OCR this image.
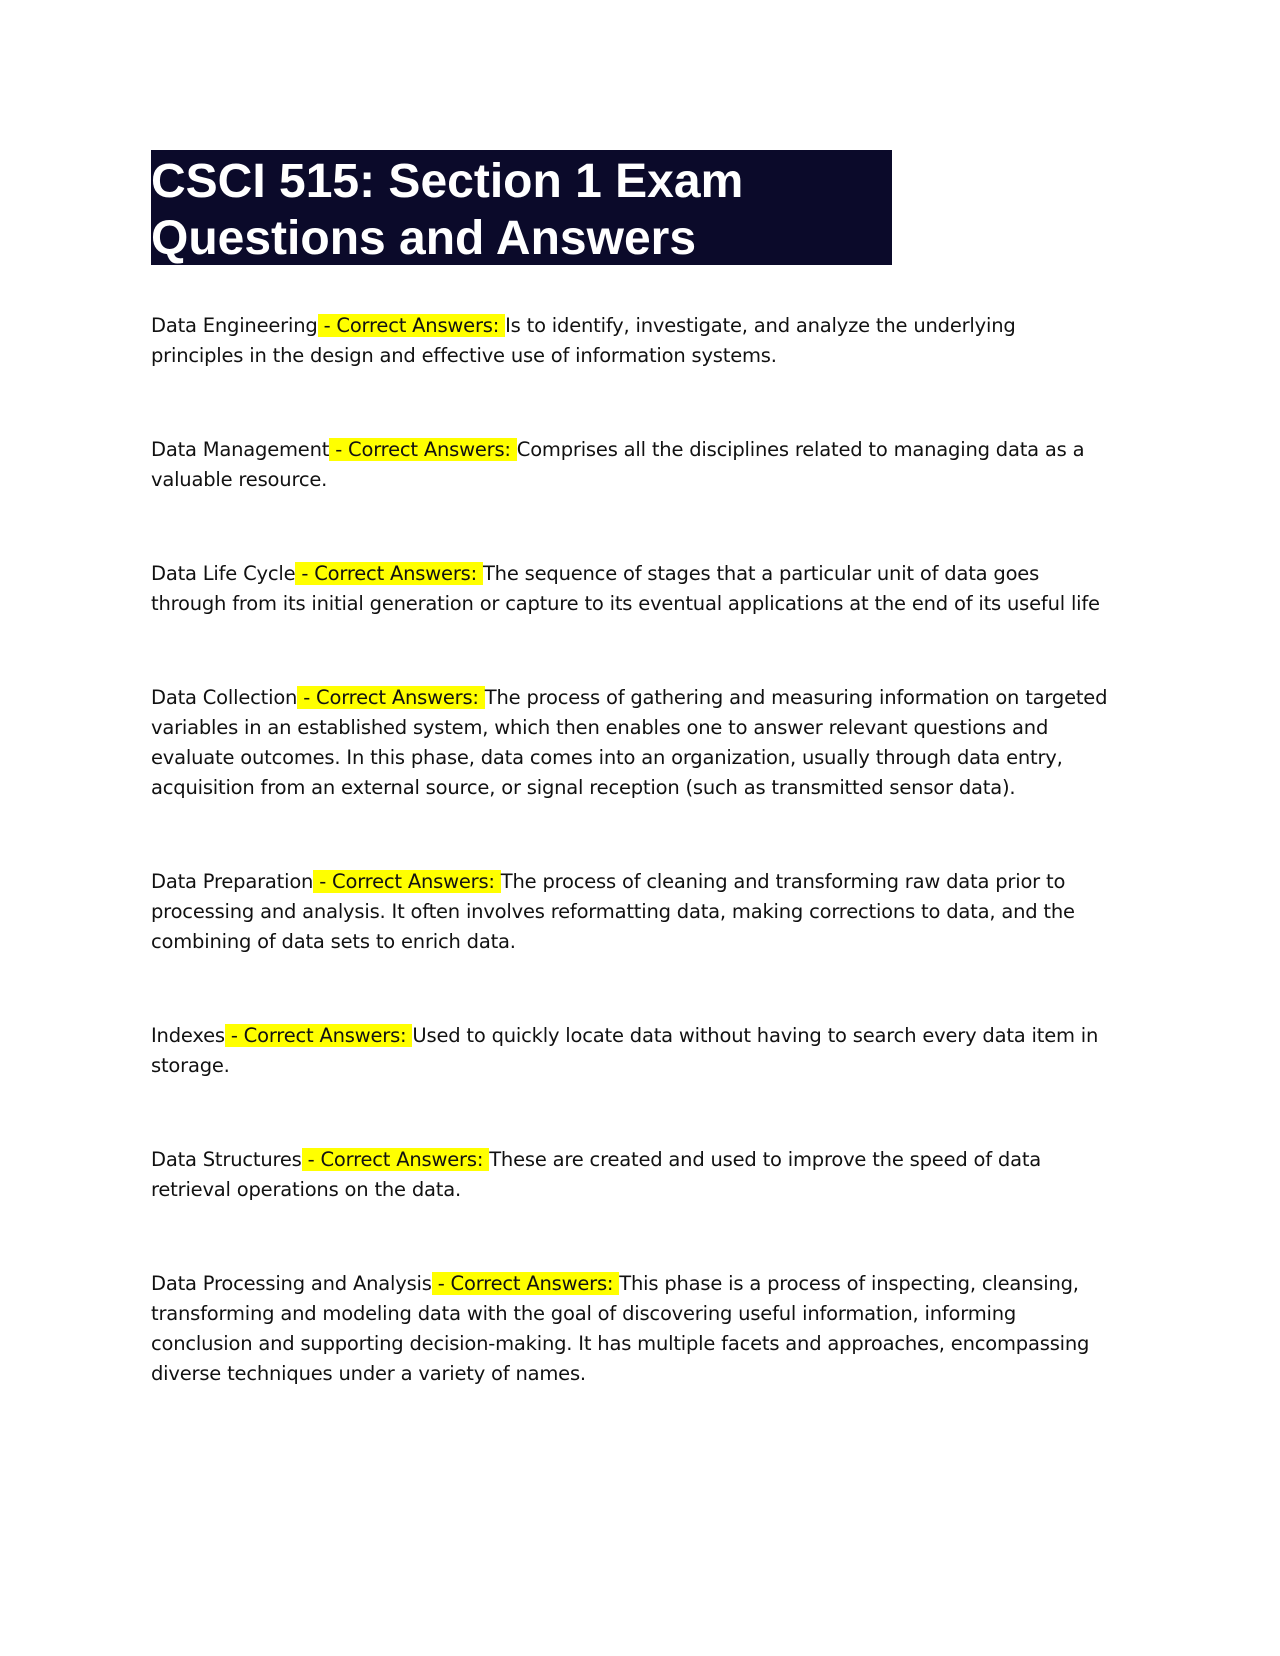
CSCI 515: Section 1 Exam
Questions and Answers

Data Engineering - Correct Answers: Is to identify, investigate, and analyze the underlying principles in the design and effective use of information systems.

Data Management - Correct Answers: Comprises all the disciplines related to managing data as a valuable resource.

Data Life Cycle - Correct Answers: The sequence of stages that a particular unit of data goes through from its initial generation or capture to its eventual applications at the end of its useful life

Data Collection - Correct Answers: The process of gathering and measuring information on targeted variables in an established system, which then enables one to answer relevant questions and evaluate outcomes. In this phase, data comes into an organization, usually through data entry, acquisition from an external source, or signal reception (such as transmitted sensor data).

Data Preparation - Correct Answers: The process of cleaning and transforming raw data prior to processing and analysis. It often involves reformatting data, making corrections to data, and the combining of data sets to enrich data.

Indexes - Correct Answers: Used to quickly locate data without having to search every data item in storage.

Data Structures - Correct Answers: These are created and used to improve the speed of data retrieval operations on the data.

Data Processing and Analysis - Correct Answers: This phase is a process of inspecting, cleansing, transforming and modeling data with the goal of discovering useful information, informing conclusion and supporting decision-making. It has multiple facets and approaches, encompassing diverse techniques under a variety of names.
